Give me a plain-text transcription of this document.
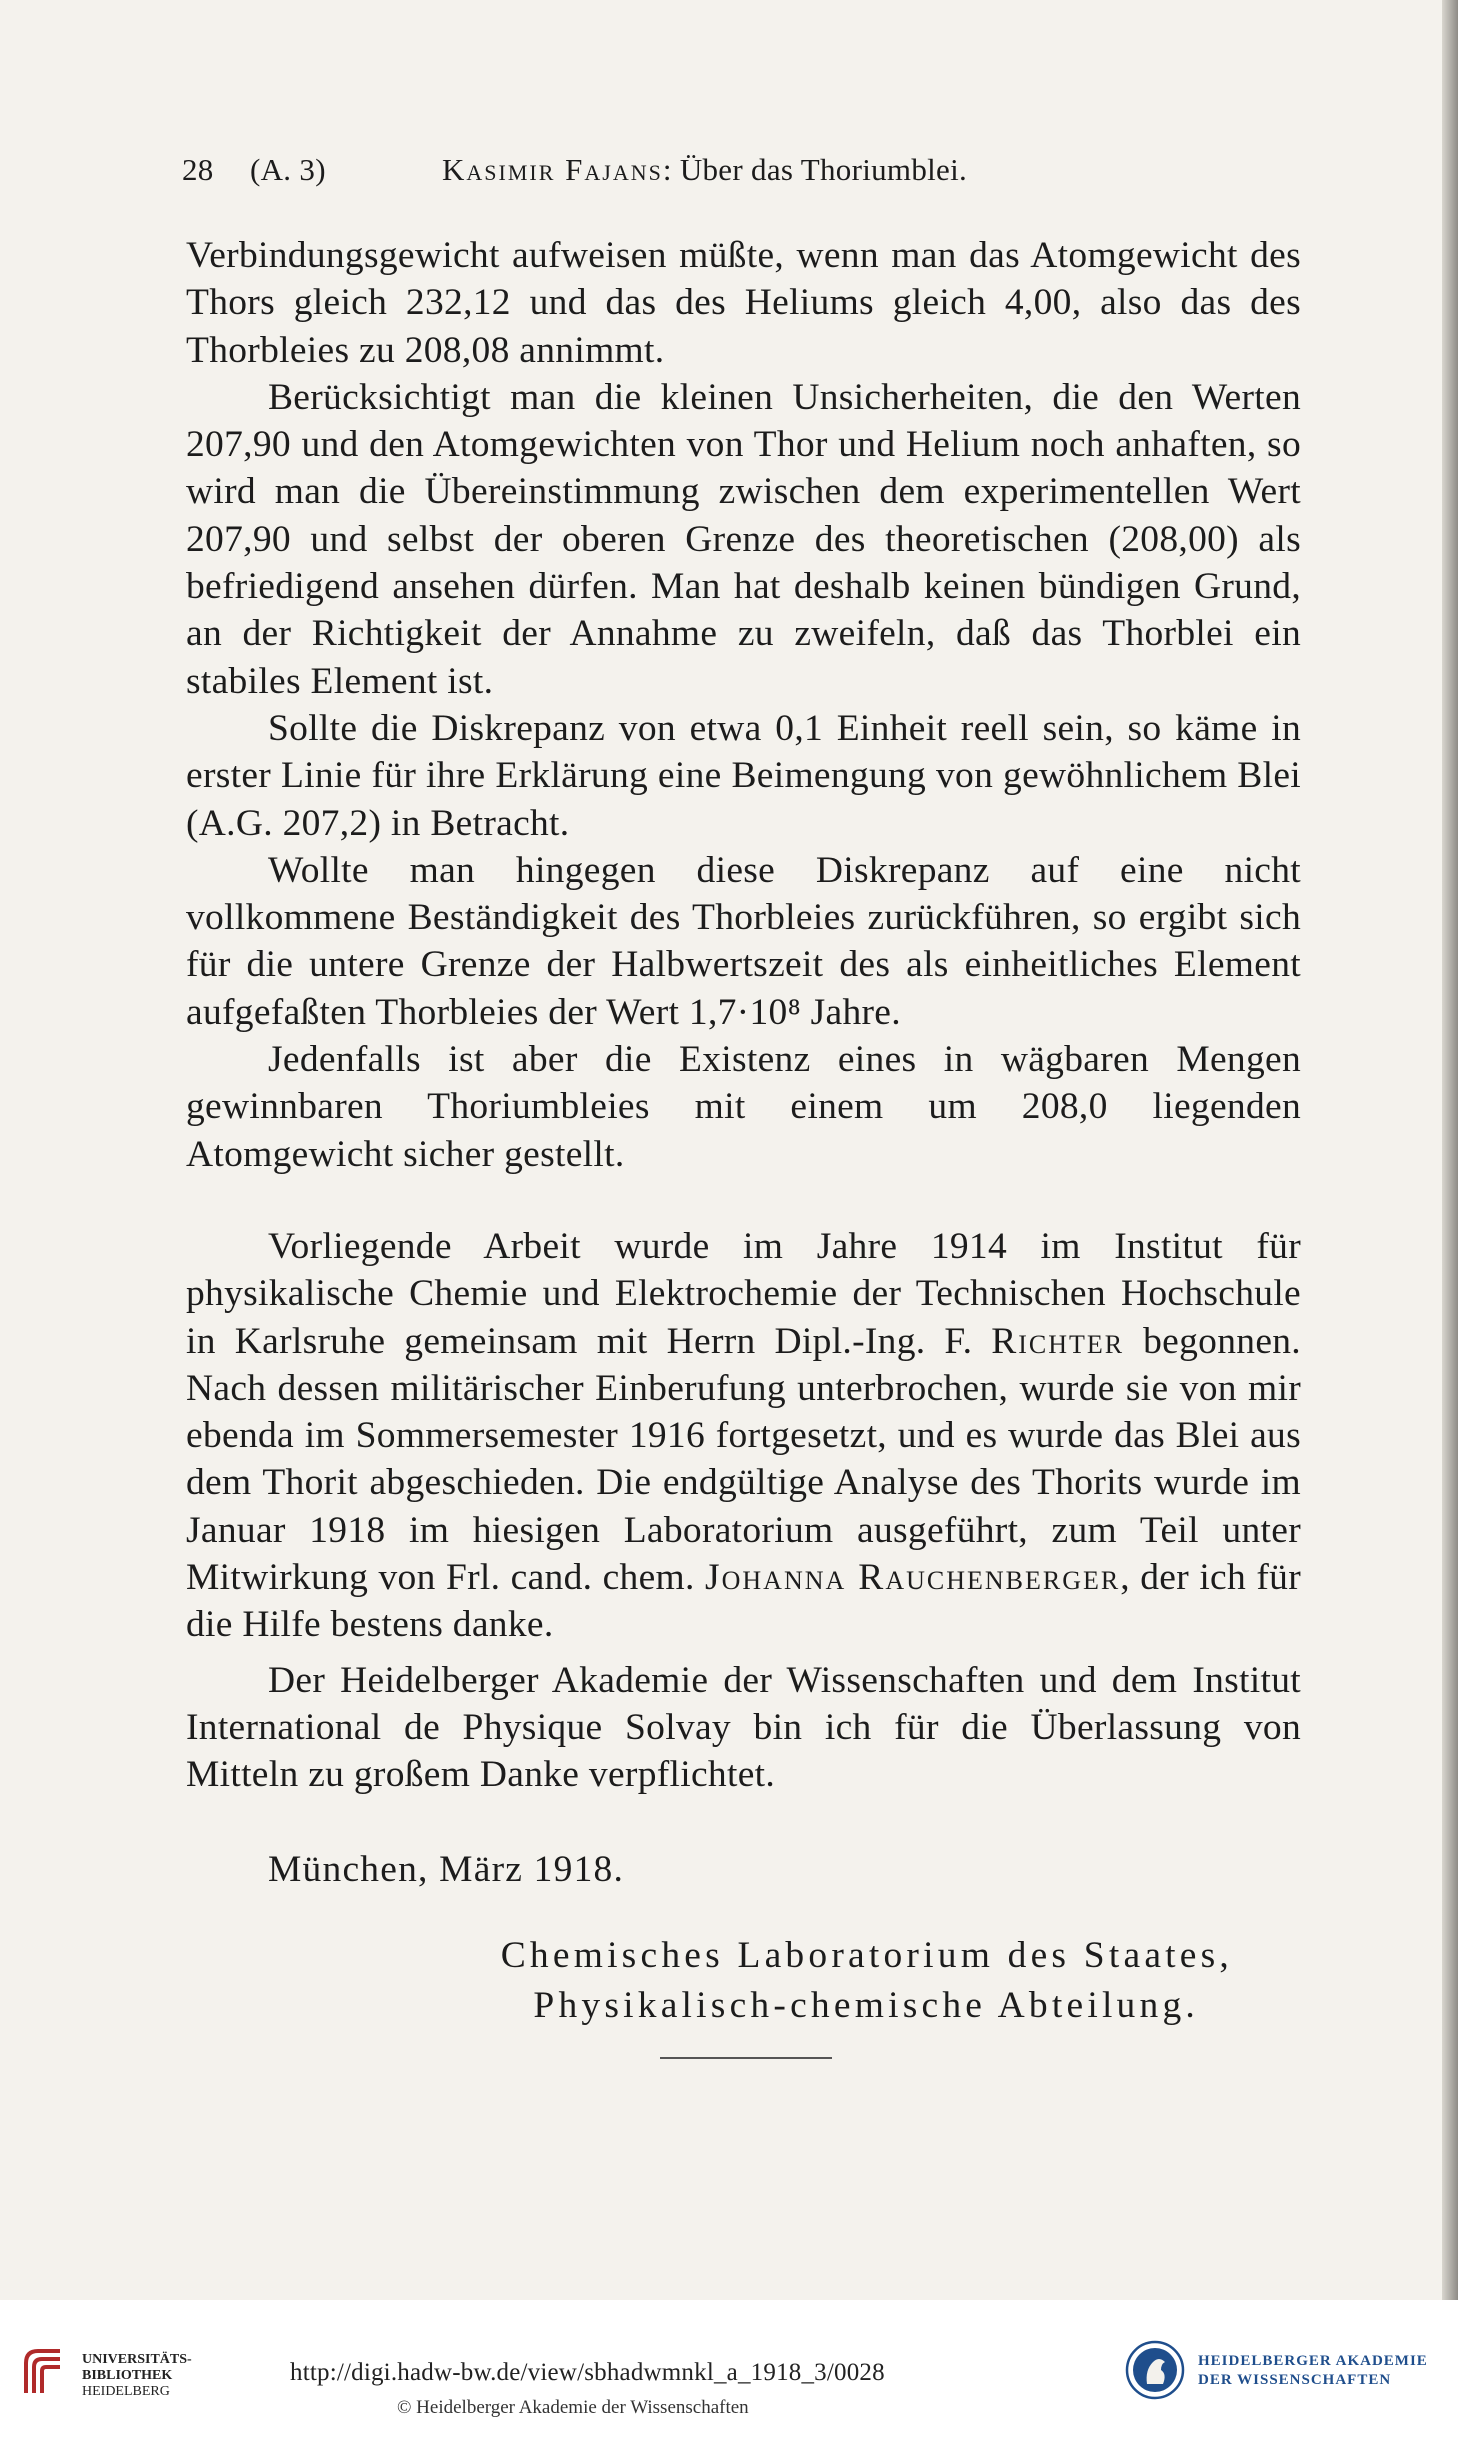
28 (A. 3)	Kasimir Fajans: Über das Thoriumblei.

Verbindungsgewicht aufweisen müßte, wenn man das Atomgewicht des Thors gleich 232,12 und das des Heliums gleich 4,00, also das des Thorbleies zu 208,08 annimmt.

Berücksichtigt man die kleinen Unsicherheiten, die den Werten 207,90 und den Atomgewichten von Thor und Helium noch anhaften, so wird man die Übereinstimmung zwischen dem experimentellen Wert 207,90 und selbst der oberen Grenze des theoretischen (208,00) als befriedigend ansehen dürfen. Man hat deshalb keinen bündigen Grund, an der Richtigkeit der Annahme zu zweifeln, daß das Thorblei ein stabiles Element ist.

Sollte die Diskrepanz von etwa 0,1 Einheit reell sein, so käme in erster Linie für ihre Erklärung eine Beimengung von gewöhnlichem Blei (A.G. 207,2) in Betracht.

Wollte man hingegen diese Diskrepanz auf eine nicht vollkommene Beständigkeit des Thorbleies zurückführen, so ergibt sich für die untere Grenze der Halbwertszeit des als einheitliches Element aufgefaßten Thorbleies der Wert 1,7·10⁸ Jahre.

Jedenfalls ist aber die Existenz eines in wägbaren Mengen gewinnbaren Thoriumbleies mit einem um 208,0 liegenden Atomgewicht sicher gestellt.

Vorliegende Arbeit wurde im Jahre 1914 im Institut für physikalische Chemie und Elektrochemie der Technischen Hochschule in Karlsruhe gemeinsam mit Herrn Dipl.-Ing. F. Richter begonnen. Nach dessen militärischer Einberufung unterbrochen, wurde sie von mir ebenda im Sommersemester 1916 fortgesetzt, und es wurde das Blei aus dem Thorit abgeschieden. Die endgültige Analyse des Thorits wurde im Januar 1918 im hiesigen Laboratorium ausgeführt, zum Teil unter Mitwirkung von Frl. cand. chem. Johanna Rauchenberger, der ich für die Hilfe bestens danke.

Der Heidelberger Akademie der Wissenschaften und dem Institut International de Physique Solvay bin ich für die Überlassung von Mitteln zu großem Danke verpflichtet.

München, März 1918.
Chemisches Laboratorium des Staates,
Physikalisch-chemische Abteilung.
UNIVERSITÄTS-
BIBLIOTHEK
HEIDELBERG
http://digi.hadw-bw.de/view/sbhadwmnkl_a_1918_3/0028
© Heidelberger Akademie der Wissenschaften
HEIDELBERGER AKADEMIE
DER WISSENSCHAFTEN
